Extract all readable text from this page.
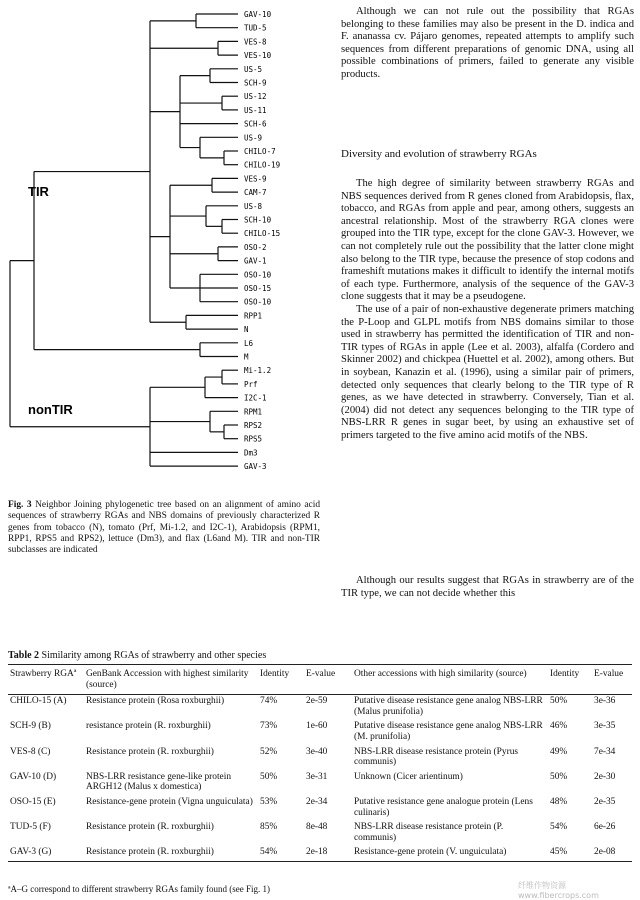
GAV-10
TUD-5
VES-8
VES-10
US-5
SCH-9
US-12
US-11
SCH-6
US-9
CHILO-7
CHILO-19
VES-9
CAM-7
US-8
SCH-10
CHILO-15
OSO-2
GAV-1
OSO-10
OSO-15
OSO-10
RPP1
N
L6
M
Mi-1.2
Prf
I2C-1
RPM1
RPS2
RPS5
Dm3
GAV-3
TIR
nonTIR
Fig. 3 Neighbor Joining phylogenetic tree based on an alignment of amino acid sequences of strawberry RGAs and NBS domains of previously characterized R genes from tobacco (N), tomato (Prf, Mi-1.2, and I2C-1), Arabidopsis (RPM1, RPP1, RPS5 and RPS2), lettuce (Dm3), and flax (L6and M). TIR and non-TIR subclasses are indicated

Although we can not rule out the possibility that RGAs belonging to these families may also be present in the D. indica and F. ananassa cv. Pájaro genomes, repeated attempts to amplify such sequences from different preparations of genomic DNA, using all possible combinations of primers, failed to generate any visible products.

Diversity and evolution of strawberry RGAs

The high degree of similarity between strawberry RGAs and NBS sequences derived from R genes cloned from Arabidopsis, flax, tobacco, and RGAs from apple and pear, among others, suggests an ancestral relationship. Most of the strawberry RGA clones were grouped into the TIR type, except for the clone GAV-3. However, we can not completely rule out the possibility that the latter clone might also belong to the TIR type, because the presence of stop codons and frameshift mutations makes it difficult to identify the internal motifs of each type. Furthermore, analysis of the sequence of the GAV-3 clone suggests that it may be a pseudogene.

The use of a pair of non-exhaustive degenerate primers matching the P-Loop and GLPL motifs from NBS domains similar to those used in strawberry has permitted the identification of TIR and non-TIR types of RGAs in apple (Lee et al. 2003), alfalfa (Cordero and Skinner 2002) and chickpea (Huettel et al. 2002), among others. But in soybean, Kanazin et al. (1996), using a similar pair of primers, detected only sequences that clearly belong to the TIR type of R genes, as we have detected in strawberry. Conversely, Tian et al. (2004) did not detect any sequences belonging to the TIR type of NBS-LRR R genes in sugar beet, by using an exhaustive set of primers targeted to the five amino acid motifs of the NBS.

Although our results suggest that RGAs in strawberry are of the TIR type, we can not decide whether this

Table 2 Similarity among RGAs of strawberry and other species
Strawberry RGAª	GenBank Accession with highest similarity (source)	Identity	E-value	Other accessions with high similarity (source)	Identity	E-value
CHILO-15 (A)	Resistance protein (Rosa roxburghii)	74%	2e-59	Putative disease resistance gene analog NBS-LRR (Malus prunifolia)	50%	3e-36
SCH-9 (B)	resistance protein (R. roxburghii)	73%	1e-60	Putative disease resistance gene analog NBS-LRR (M. prunifolia)	46%	3e-35
VES-8 (C)	Resistance protein (R. roxburghii)	52%	3e-40	NBS-LRR disease resistance protein (Pyrus communis)	49%	7e-34
GAV-10 (D)	NBS-LRR resistance gene-like protein ARGH12 (Malus x domestica)	50%	3e-31	Unknown (Cicer arientinum)	50%	2e-30
OSO-15 (E)	Resistance-gene protein (Vigna unguiculata)	53%	2e-34	Putative resistance gene analogue protein (Lens culinaris)	48%	2e-35
TUD-5 (F)	Resistance protein (R. roxburghii)	85%	8e-48	NBS-LRR disease resistance protein (P. communis)	54%	6e-26
GAV-3 (G)	Resistance protein (R. roxburghii)	54%	2e-18	Resistance-gene protein (V. unguiculata)	45%	2e-08
ªA–G correspond to different strawberry RGAs family found (see Fig. 1)	纤维作物资源 www.fibercrops.com
